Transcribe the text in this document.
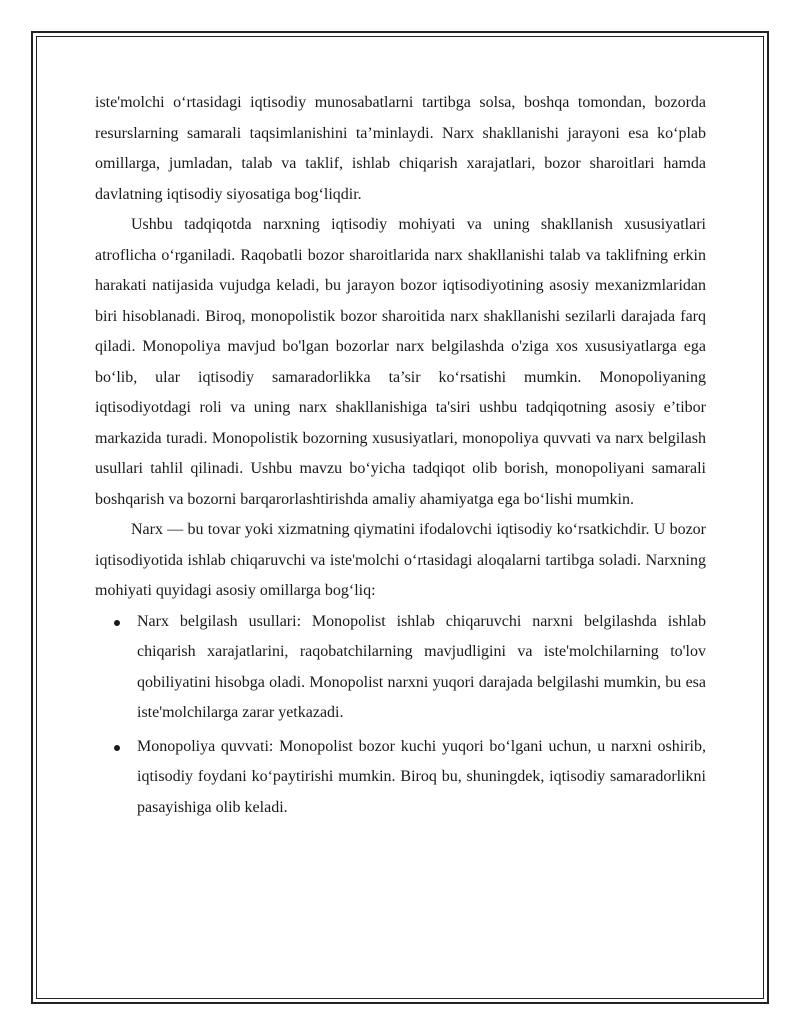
iste'molchi o‘rtasidagi iqtisodiy munosabatlarni tartibga solsa, boshqa tomondan, bozorda resurslarning samarali taqsimlanishini ta’minlaydi. Narx shakllanishi jarayoni esa ko‘plab omillarga, jumladan, talab va taklif, ishlab chiqarish xarajatlari, bozor sharoitlari hamda davlatning iqtisodiy siyosatiga bog‘liqdir.

Ushbu tadqiqotda narxning iqtisodiy mohiyati va uning shakllanish xususiyatlari atroflicha o‘rganiladi. Raqobatli bozor sharoitlarida narx shakllanishi talab va taklifning erkin harakati natijasida vujudga keladi, bu jarayon bozor iqtisodiyotining asosiy mexanizmlaridan biri hisoblanadi. Biroq, monopolistik bozor sharoitida narx shakllanishi sezilarli darajada farq qiladi. Monopoliya mavjud bo'lgan bozorlar narx belgilashda o'ziga xos xususiyatlarga ega bo‘lib, ular iqtisodiy samaradorlikka ta’sir ko‘rsatishi mumkin. Monopoliyaning iqtisodiyotdagi roli va uning narx shakllanishiga ta'siri ushbu tadqiqotning asosiy e’tibor markazida turadi. Monopolistik bozorning xususiyatlari, monopoliya quvvati va narx belgilash usullari tahlil qilinadi. Ushbu mavzu bo‘yicha tadqiqot olib borish, monopoliyani samarali boshqarish va bozorni barqarorlashtirishda amaliy ahamiyatga ega bo‘lishi mumkin.

Narx — bu tovar yoki xizmatning qiymatini ifodalovchi iqtisodiy ko‘rsatkichdir. U bozor iqtisodiyotida ishlab chiqaruvchi va iste'molchi o‘rtasidagi aloqalarni tartibga soladi. Narxning mohiyati quyidagi asosiy omillarga bog‘liq:

Narx belgilash usullari: Monopolist ishlab chiqaruvchi narxni belgilashda ishlab chiqarish xarajatlarini, raqobatchilarning mavjudligini va iste'molchilarning to'lov qobiliyatini hisobga oladi. Monopolist narxni yuqori darajada belgilashi mumkin, bu esa iste'molchilarga zarar yetkazadi.
Monopoliya quvvati: Monopolist bozor kuchi yuqori bo‘lgani uchun, u narxni oshirib, iqtisodiy foydani ko‘paytirishi mumkin. Biroq bu, shuningdek, iqtisodiy samaradorlikni pasayishiga olib keladi.
